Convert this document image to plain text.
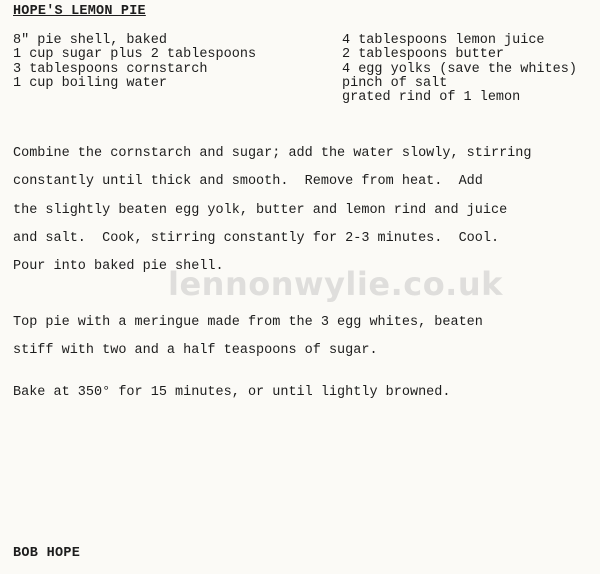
HOPE'S LEMON PIE
8" pie shell, baked
1 cup sugar plus 2 tablespoons
3 tablespoons cornstarch
1 cup boiling water
4 tablespoons lemon juice
2 tablespoons butter
4 egg yolks (save the whites)
pinch of salt
grated rind of 1 lemon
Combine the cornstarch and sugar; add the water slowly, stirring
constantly until thick and smooth.  Remove from heat.  Add
the slightly beaten egg yolk, butter and lemon rind and juice
and salt.  Cook, stirring constantly for 2-3 minutes.  Cool.
Pour into baked pie shell.
Top pie with a meringue made from the 3 egg whites, beaten
stiff with two and a half teaspoons of sugar.
Bake at 350° for 15 minutes, or until lightly browned.
lennonwylie.co.uk
BOB HOPE
